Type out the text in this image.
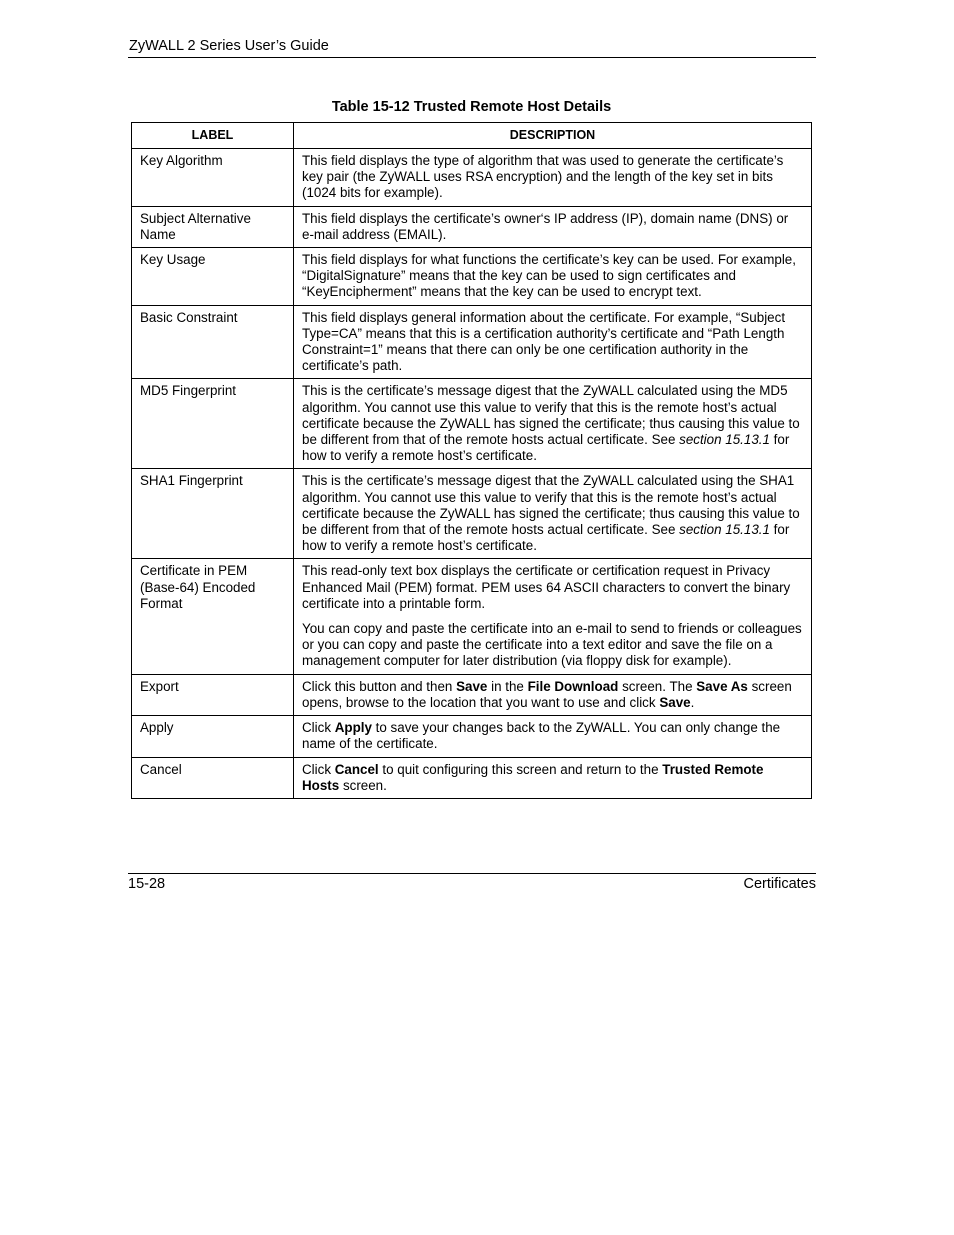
ZyWALL 2 Series User’s Guide
Table 15-12 Trusted Remote Host Details
LABEL	DESCRIPTION
Key Algorithm	This field displays the type of algorithm that was used to generate the certificate’s key pair (the ZyWALL uses RSA encryption) and the length of the key set in bits (1024 bits for example).

Subject Alternative Name	This field displays the certificate’s owner‘s IP address (IP), domain name (DNS) or e-mail address (EMAIL).

Key Usage	This field displays for what functions the certificate’s key can be used. For example, “DigitalSignature” means that the key can be used to sign certificates and “KeyEncipherment” means that the key can be used to encrypt text.

Basic Constraint	This field displays general information about the certificate. For example, “Subject Type=CA” means that this is a certification authority’s certificate and “Path Length Constraint=1” means that there can only be one certification authority in the certificate’s path.

MD5 Fingerprint	This is the certificate’s message digest that the ZyWALL calculated using the MD5 algorithm. You cannot use this value to verify that this is the remote host’s actual certificate because the ZyWALL has signed the certificate; thus causing this value to be different from that of the remote hosts actual certificate. See section 15.13.1 for how to verify a remote host’s certificate.

SHA1 Fingerprint	This is the certificate’s message digest that the ZyWALL calculated using the SHA1 algorithm. You cannot use this value to verify that this is the remote host’s actual certificate because the ZyWALL has signed the certificate; thus causing this value to be different from that of the remote hosts actual certificate. See section 15.13.1 for how to verify a remote host’s certificate.

Certificate in PEM (Base-64) Encoded Format	This read-only text box displays the certificate or certification request in Privacy Enhanced Mail (PEM) format. PEM uses 64 ASCII characters to convert the binary certificate into a printable form.
You can copy and paste the certificate into an e-mail to send to friends or colleagues or you can copy and paste the certificate into a text editor and save the file on a management computer for later distribution (via floppy disk for example).

Export	Click this button and then Save in the File Download screen. The Save As screen opens, browse to the location that you want to use and click Save.

Apply	Click Apply to save your changes back to the ZyWALL. You can only change the name of the certificate.

Cancel	Click Cancel to quit configuring this screen and return to the Trusted Remote Hosts screen.
15-28	Certificates
